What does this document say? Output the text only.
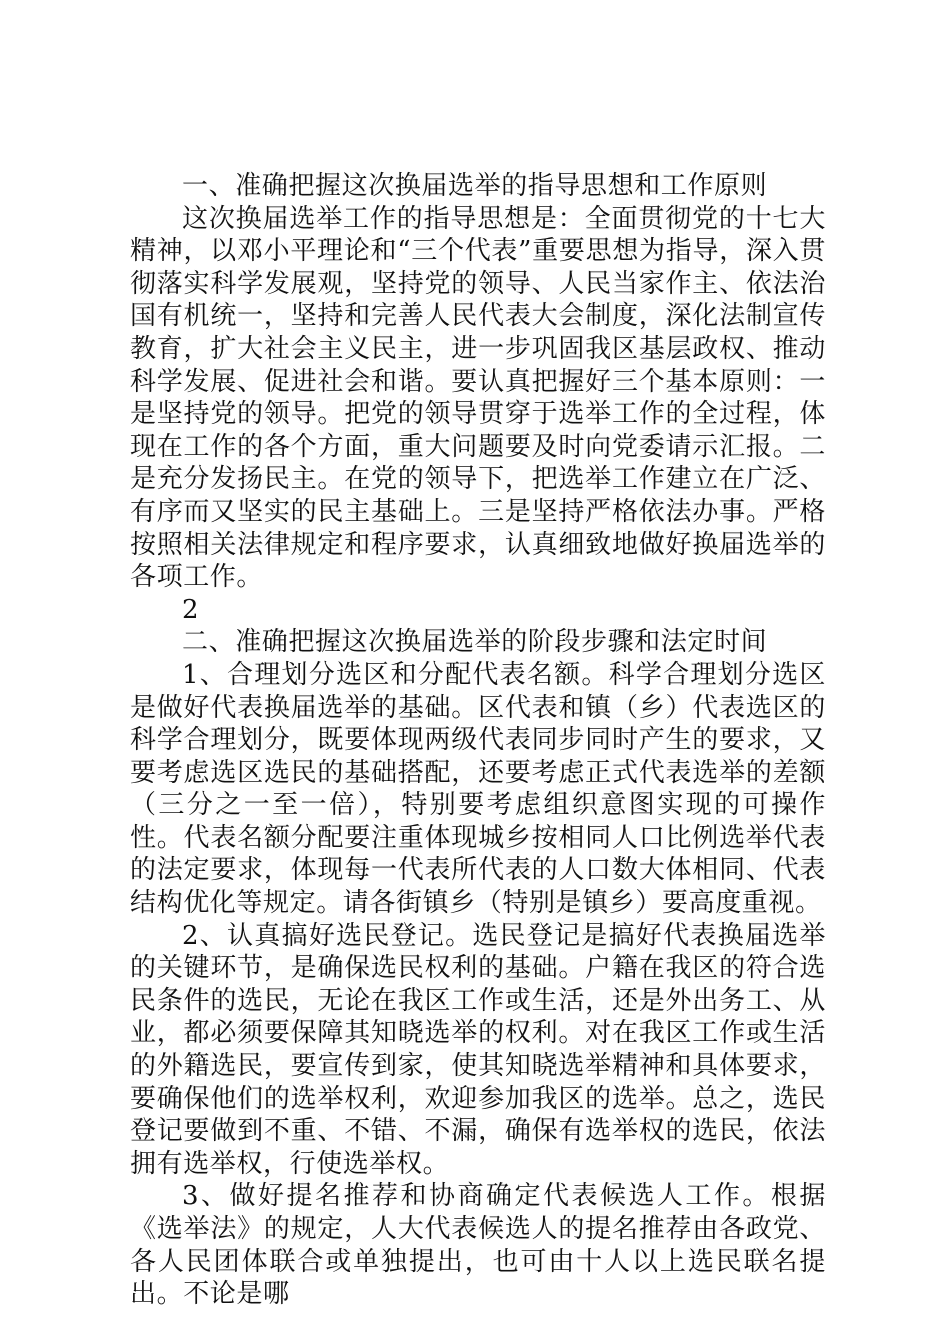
一、准确把握这次换届选举的指导思想和工作原则

这次换届选举工作的指导思想是：全面贯彻党的十七大精神，以邓小平理论和“三个代表”重要思想为指导，深入贯彻落实科学发展观，坚持党的领导、人民当家作主、依法治国有机统一，坚持和完善人民代表大会制度，深化法制宣传教育，扩大社会主义民主，进一步巩固我区基层政权、推动科学发展、促进社会和谐。要认真把握好三个基本原则：一是坚持党的领导。把党的领导贯穿于选举工作的全过程，体现在工作的各个方面，重大问题要及时向党委请示汇报。二是充分发扬民主。在党的领导下，把选举工作建立在广泛、有序而又坚实的民主基础上。三是坚持严格依法办事。严格按照相关法律规定和程序要求，认真细致地做好换届选举的各项工作。

2

二、准确把握这次换届选举的阶段步骤和法定时间

1、合理划分选区和分配代表名额。科学合理划分选区是做好代表换届选举的基础。区代表和镇（乡）代表选区的科学合理划分，既要体现两级代表同步同时产生的要求，又要考虑选区选民的基础搭配，还要考虑正式代表选举的差额（三分之一至一倍），特别要考虑组织意图实现的可操作性。代表名额分配要注重体现城乡按相同人口比例选举代表的法定要求，体现每一代表所代表的人口数大体相同、代表结构优化等规定。请各街镇乡（特别是镇乡）要高度重视。

2、认真搞好选民登记。选民登记是搞好代表换届选举的关键环节，是确保选民权利的基础。户籍在我区的符合选民条件的选民，无论在我区工作或生活，还是外出务工、从业，都必须要保障其知晓选举的权利。对在我区工作或生活的外籍选民，要宣传到家，使其知晓选举精神和具体要求，要确保他们的选举权利，欢迎参加我区的选举。总之，选民登记要做到不重、不错、不漏，确保有选举权的选民，依法拥有选举权，行使选举权。

3、做好提名推荐和协商确定代表候选人工作。根据《选举法》的规定，人大代表候选人的提名推荐由各政党、各人民团体联合或单独提出，也可由十人以上选民联名提出。不论是哪
